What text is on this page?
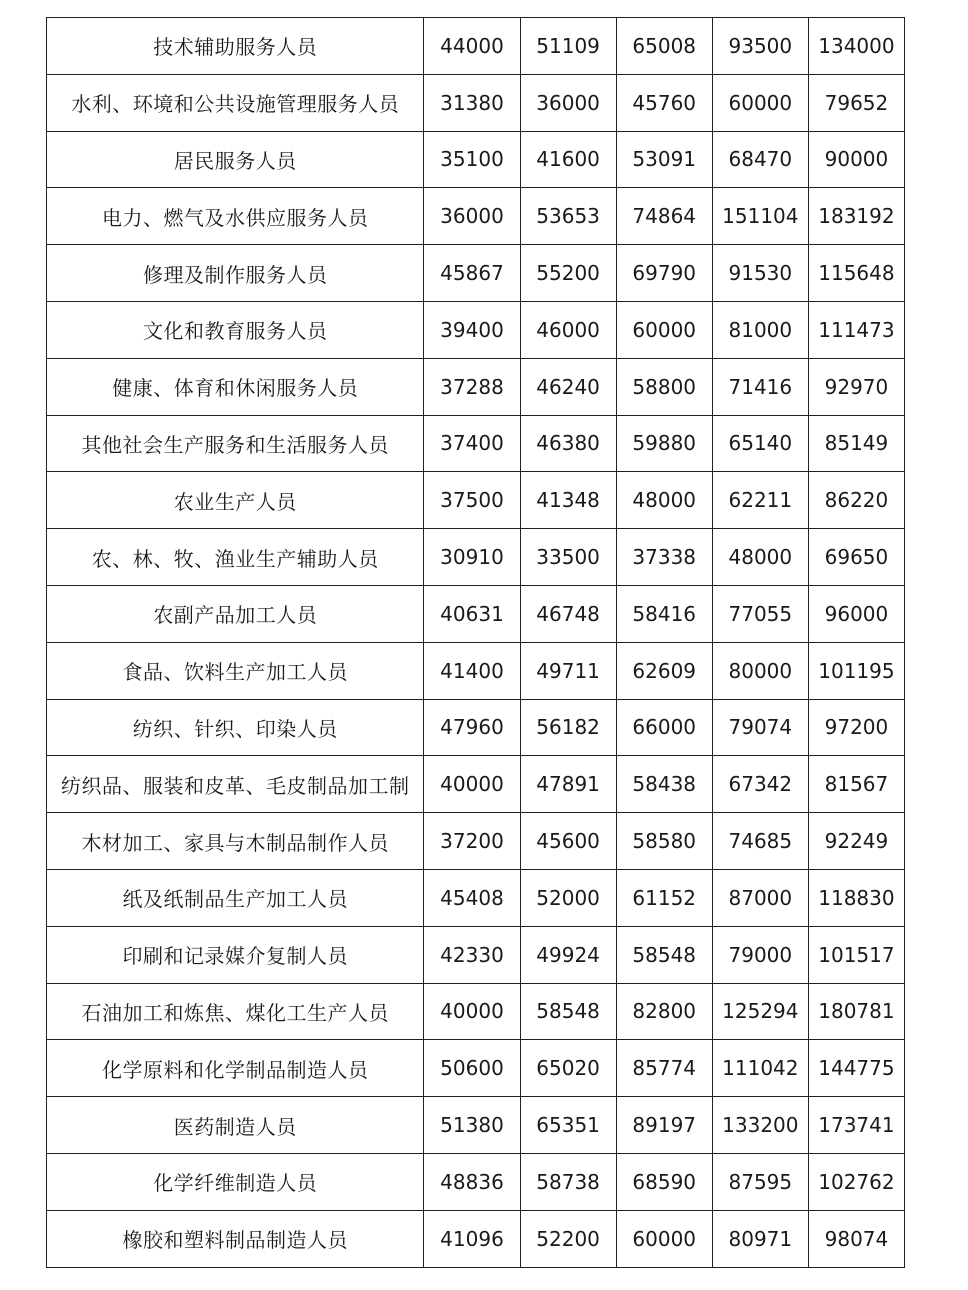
技术辅助服务人员	44000	51109	65008	93500	134000
水利、环境和公共设施管理服务人员	31380	36000	45760	60000	79652
居民服务人员	35100	41600	53091	68470	90000
电力、燃气及水供应服务人员	36000	53653	74864	151104	183192
修理及制作服务人员	45867	55200	69790	91530	115648
文化和教育服务人员	39400	46000	60000	81000	111473
健康、体育和休闲服务人员	37288	46240	58800	71416	92970
其他社会生产服务和生活服务人员	37400	46380	59880	65140	85149
农业生产人员	37500	41348	48000	62211	86220
农、林、牧、渔业生产辅助人员	30910	33500	37338	48000	69650
农副产品加工人员	40631	46748	58416	77055	96000
食品、饮料生产加工人员	41400	49711	62609	80000	101195
纺织、针织、印染人员	47960	56182	66000	79074	97200
纺织品、服装和皮革、毛皮制品加工制	40000	47891	58438	67342	81567
木材加工、家具与木制品制作人员	37200	45600	58580	74685	92249
纸及纸制品生产加工人员	45408	52000	61152	87000	118830
印刷和记录媒介复制人员	42330	49924	58548	79000	101517
石油加工和炼焦、煤化工生产人员	40000	58548	82800	125294	180781
化学原料和化学制品制造人员	50600	65020	85774	111042	144775
医药制造人员	51380	65351	89197	133200	173741
化学纤维制造人员	48836	58738	68590	87595	102762
橡胶和塑料制品制造人员	41096	52200	60000	80971	98074
